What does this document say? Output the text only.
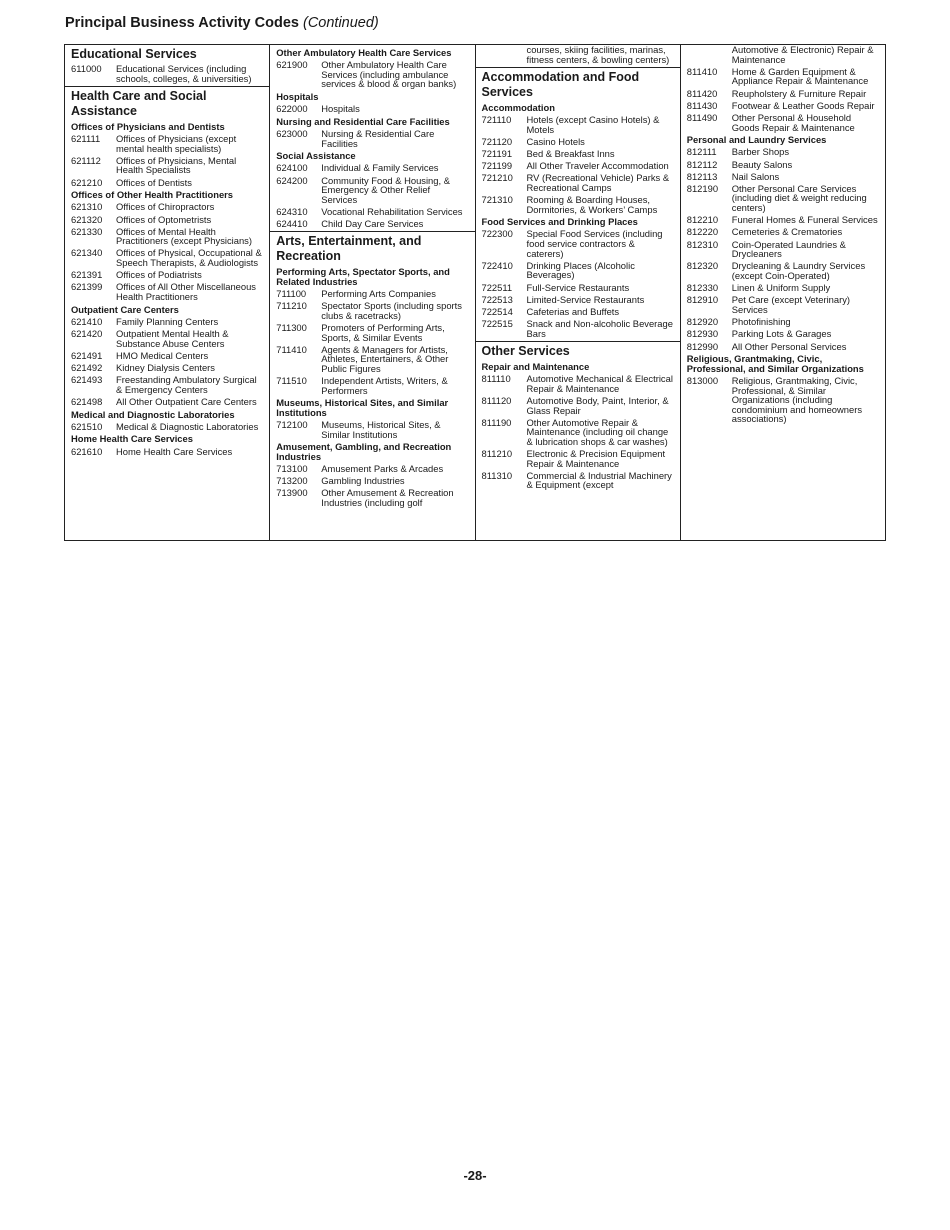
Principal Business Activity Codes (Continued)
Educational Services
611000	Educational Services (including schools, colleges, & universities)
Health Care and Social Assistance
Offices of Physicians and Dentists
621111	Offices of Physicians (except mental health specialists)
621112	Offices of Physicians, Mental Health Specialists
621210	Offices of Dentists
Offices of Other Health Practitioners
621310	Offices of Chiropractors
621320	Offices of Optometrists
621330	Offices of Mental Health Practitioners (except Physicians)
621340	Offices of Physical, Occupational & Speech Therapists, & Audiologists
621391	Offices of Podiatrists
621399	Offices of All Other Miscellaneous Health Practitioners
Outpatient Care Centers
621410	Family Planning Centers
621420	Outpatient Mental Health & Substance Abuse Centers
621491	HMO Medical Centers
621492	Kidney Dialysis Centers
621493	Freestanding Ambulatory Surgical & Emergency Centers
621498	All Other Outpatient Care Centers
Medical and Diagnostic Laboratories
621510	Medical & Diagnostic Laboratories
Home Health Care Services
621610	Home Health Care Services
Other Ambulatory Health Care Services
621900	Other Ambulatory Health Care Services (including ambulance services & blood & organ banks)
Hospitals
622000	Hospitals
Nursing and Residential Care Facilities
623000	Nursing & Residential Care Facilities
Social Assistance
624100	Individual & Family Services
624200	Community Food & Housing, & Emergency & Other Relief Services
624310	Vocational Rehabilitation Services
624410	Child Day Care Services
Arts, Entertainment, and Recreation
Performing Arts, Spectator Sports, and Related Industries
711100	Performing Arts Companies
711210	Spectator Sports (including sports clubs & racetracks)
711300	Promoters of Performing Arts, Sports, & Similar Events
711410	Agents & Managers for Artists, Athletes, Entertainers, & Other Public Figures
711510	Independent Artists, Writers, & Performers
Museums, Historical Sites, and Similar Institutions
712100	Museums, Historical Sites, & Similar Institutions
Amusement, Gambling, and Recreation Industries
713100	Amusement Parks & Arcades
713200	Gambling Industries
713900	Other Amusement & Recreation Industries (including golf
courses, skiing facilities, marinas, fitness centers, & bowling centers)
Accommodation and Food Services
Accommodation
721110	Hotels (except Casino Hotels) & Motels
721120	Casino Hotels
721191	Bed & Breakfast Inns
721199	All Other Traveler Accommodation
721210	RV (Recreational Vehicle) Parks & Recreational Camps
721310	Rooming & Boarding Houses, Dormitories, & Workers’ Camps
Food Services and Drinking Places
722300	Special Food Services (including food service contractors & caterers)
722410	Drinking Places (Alcoholic Beverages)
722511	Full-Service Restaurants
722513	Limited-Service Restaurants
722514	Cafeterias and Buffets
722515	Snack and Non-alcoholic Beverage Bars
Other Services
Repair and Maintenance
811110	Automotive Mechanical & Electrical Repair & Maintenance
811120	Automotive Body, Paint, Interior, & Glass Repair
811190	Other Automotive Repair & Maintenance (including oil change & lubrication shops & car washes)
811210	Electronic & Precision Equipment Repair & Maintenance
811310	Commercial & Industrial Machinery & Equipment (except
Automotive & Electronic) Repair & Maintenance
811410	Home & Garden Equipment & Appliance Repair & Maintenance
811420	Reupholstery & Furniture Repair
811430	Footwear & Leather Goods Repair
811490	Other Personal & Household Goods Repair & Maintenance
Personal and Laundry Services
812111	Barber Shops
812112	Beauty Salons
812113	Nail Salons
812190	Other Personal Care Services (including diet & weight reducing centers)
812210	Funeral Homes & Funeral Services
812220	Cemeteries & Crematories
812310	Coin-Operated Laundries & Drycleaners
812320	Drycleaning & Laundry Services (except Coin-Operated)
812330	Linen & Uniform Supply
812910	Pet Care (except Veterinary) Services
812920	Photofinishing
812930	Parking Lots & Garages
812990	All Other Personal Services
Religious, Grantmaking, Civic, Professional, and Similar Organizations
813000	Religious, Grantmaking, Civic, Professional, & Similar Organizations (including condominium and homeowners associations)
-28-
